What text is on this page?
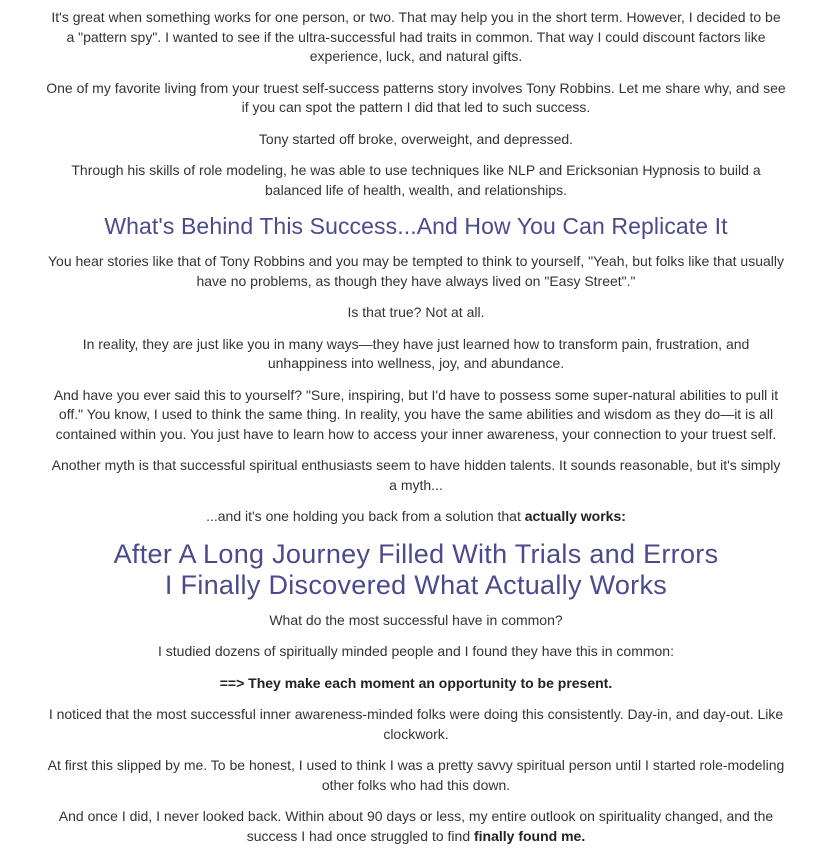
It's great when something works for one person, or two. That may help you in the short term. However, I decided to be a "pattern spy". I wanted to see if the ultra-successful had traits in common. That way I could discount factors like experience, luck, and natural gifts.

One of my favorite living from your truest self-success patterns story involves Tony Robbins. Let me share why, and see if you can spot the pattern I did that led to such success.

Tony started off broke, overweight, and depressed.

Through his skills of role modeling, he was able to use techniques like NLP and Ericksonian Hypnosis to build a balanced life of health, wealth, and relationships.

What's Behind This Success...And How You Can Replicate It

You hear stories like that of Tony Robbins and you may be tempted to think to yourself, "Yeah, but folks like that usually have no problems, as though they have always lived on "Easy Street"."

Is that true? Not at all.

In reality, they are just like you in many ways—they have just learned how to transform pain, frustration, and unhappiness into wellness, joy, and abundance.

And have you ever said this to yourself? "Sure, inspiring, but I'd have to possess some super-natural abilities to pull it off." You know, I used to think the same thing. In reality, you have the same abilities and wisdom as they do—it is all contained within you. You just have to learn how to access your inner awareness, your connection to your truest self.

Another myth is that successful spiritual enthusiasts seem to have hidden talents. It sounds reasonable, but it's simply a myth...

...and it's one holding you back from a solution that actually works:

After A Long Journey Filled With Trials and Errors
I Finally Discovered What Actually Works

What do the most successful have in common?

I studied dozens of spiritually minded people and I found they have this in common:

==> They make each moment an opportunity to be present.

I noticed that the most successful inner awareness-minded folks were doing this consistently. Day-in, and day-out. Like clockwork.

At first this slipped by me. To be honest, I used to think I was a pretty savvy spiritual person until I started role-modeling other folks who had this down.

And once I did, I never looked back. Within about 90 days or less, my entire outlook on spirituality changed, and the success I had once struggled to find finally found me.
